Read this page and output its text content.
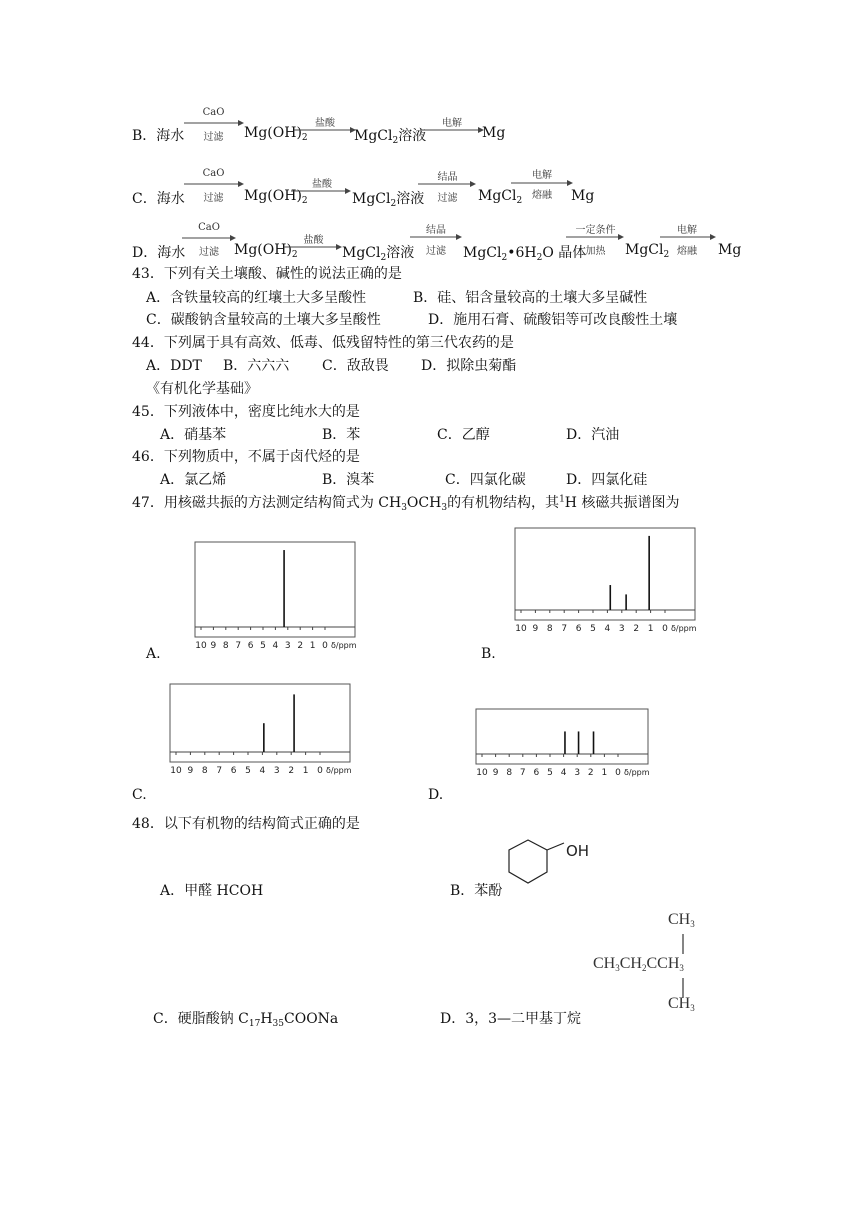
B．海水
CaO
过滤	$Mg(OH)_2$
盐酸
MgCl$_2$溶液
电解
Mg
C．海水
CaO
过滤	$Mg(OH)_2$
盐酸
MgCl$_2$溶液
结晶
过滤	MgCl$_2$
电解
熔融	Mg
D．海水
CaO
过滤	$Mg(OH)_2$
盐酸
MgCl$_2$溶液
结晶
过滤	$MgCl_2•6H_2O$ 晶体
一定条件
加热	MgCl$_2$
电解
熔融	Mg
43．下列有关土壤酸、碱性的说法正确的是
A．含铁量较高的红壤土大多呈酸性	B．硅、铝含量较高的土壤大多呈碱性
C．碳酸钠含量较高的土壤大多呈酸性	D．施用石膏、硫酸铝等可改良酸性土壤
44．下列属于具有高效、低毒、低残留特性的第三代农药的是
A．DDT B．六六六 C．敌敌畏 D．拟除虫菊酯
《有机化学基础》
45．下列液体中，密度比纯水大的是
A．硝基苯	B．苯	C．乙醇	D．汽油
46．下列物质中，不属于卤代烃的是
A．氯乙烯	B．溴苯	C．四氯化碳	D．四氯化硅
47．用核磁共振的方法测定结构简式为 $CH_3OCH_3$的有机物结构，其$^1$H 核磁共振谱图为
A.	B.
C.	D.
10 9 8 7 6 5 4 3 2 1 0 δ/ppm
10 9 8 7 6 5 4 3 2 1 0 δ/ppm
10 9 8 7 6 5 4 3 2 1 0 δ/ppm	10 9 8 7 6 5 4 3 2 1 0 δ/ppm
48．以下有机物的结构简式正确的是
A．甲醛 HCOH	B．苯酚
OH
C．硬脂酸钠 $C_{17}H_{35}COONa$	D．3，3—二甲基丁烷
$CH_3$
$CH_3CH_2CCH_3$
$CH_3$
